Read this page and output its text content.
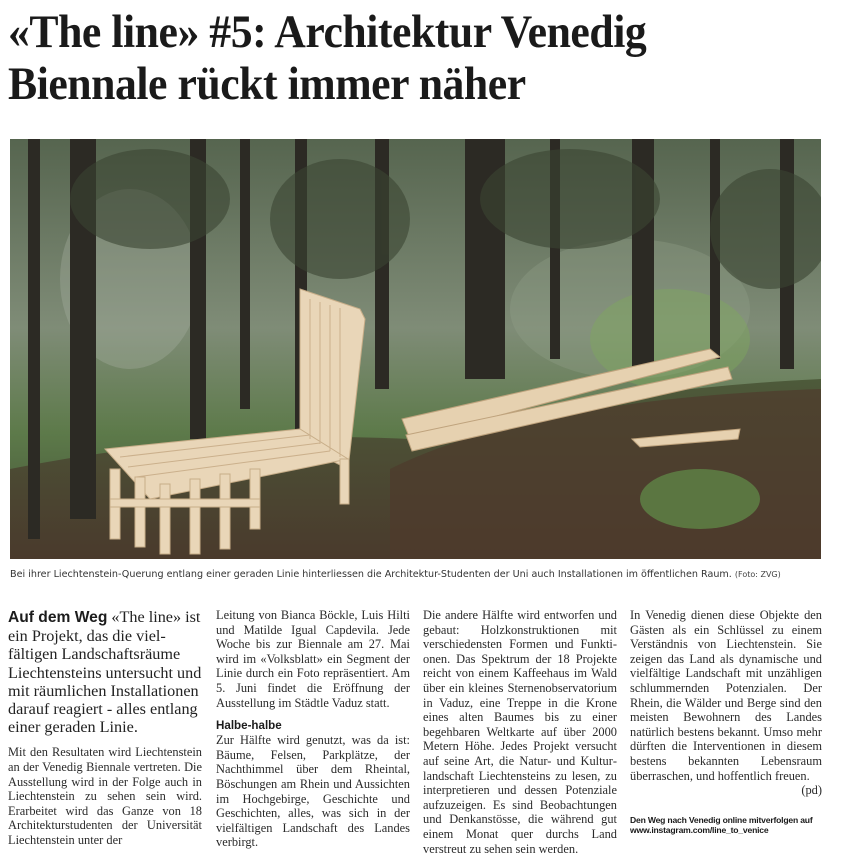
«The line» #5: Architektur Venedig
Biennale rückt immer näher
Bei ihrer Liechtenstein-Querung entlang einer geraden Linie hinterliessen die Architektur-Studenten der Uni auch Installationen im öffentlichen Raum. (Foto: ZVG)

Auf dem Weg «The line» ist ein Projekt, das die vielfältigen Landschaftsräume Liechtensteins untersucht und mit räumlichen Installationen darauf reagiert - alles entlang einer geraden Linie.

Mit den Resultaten wird Liechtenstein an der Venedig Biennale vertreten. Die Ausstellung wird in der Folge auch in Liechtenstein zu sehen sein wird. Erarbeitet wird das Ganze von 18 Architekturstudenten der Universität Liechtenstein unter der

Leitung von Bianca Böckle, Luis Hilti und Matilde Igual Capdevila. Jede Woche bis zur Biennale am 27. Mai wird im «Volksblatt» ein Segment der Linie durch ein Foto repräsentiert. Am 5. Juni findet die Eröffnung der Ausstellung im Städtle Vaduz statt.

Halbe-halbe

Zur Hälfte wird genutzt, was da ist: Bäume, Felsen, Parkplätze, der Nachthimmel über dem Rheintal, Böschungen am Rhein und Aussichten im Hochgebirge, Geschichte und Geschichten, alles, was sich in der vielfältigen Landschaft des Landes verbirgt.

Die andere Hälfte wird entworfen und gebaut: Holzkonstruktionen mit verschiedensten Formen und Funktionen. Das Spektrum der 18 Projekte reicht von einem Kaffeehaus im Wald über ein kleines Sternenobservatorium in Vaduz, eine Treppe in die Krone eines alten Baumes bis zu einer begehbaren Weltkarte auf über 2000 Metern Höhe. Jedes Projekt versucht auf seine Art, die Natur- und Kulturlandschaft Liechtensteins zu lesen, zu interpretieren und dessen Potenziale aufzuzeigen. Es sind Beobachtungen und Denkanstösse, die während gut einem Monat quer durchs Land verstreut zu sehen sein werden.

In Venedig dienen diese Objekte den Gästen als ein Schlüssel zu einem Verständnis von Liechtenstein. Sie zeigen das Land als dynamische und vielfältige Landschaft mit unzähligen schlummernden Potenzialen. Der Rhein, die Wälder und Berge sind den meisten Bewohnern des Landes natürlich bestens bekannt. Umso mehr dürften die Interventionen in diesem bestens bekannten Lebensraum überraschen, und hoffentlich freuen.
(pd)

Den Weg nach Venedig online mitverfolgen auf
www.instagram.com/line_to_venice
